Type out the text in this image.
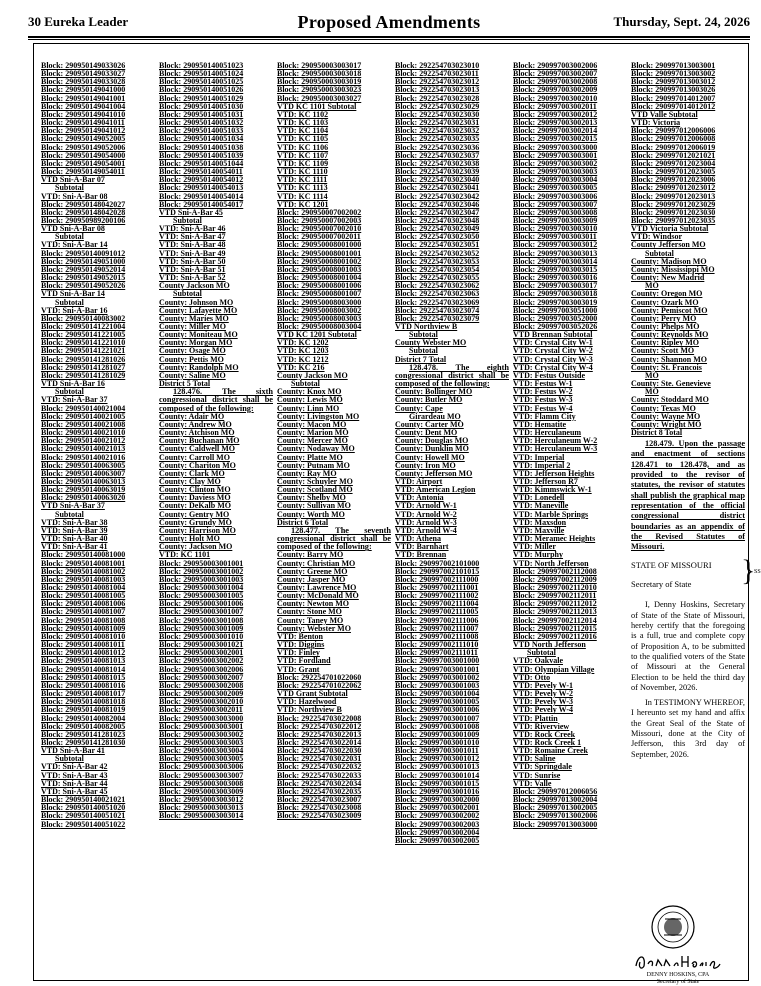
30 Eureka Leader	Proposed Amendments	Thursday, Sept. 24, 2026
Block: 290950149033026
Block: 290950149033027
Block: 290950149033028
Block: 290950149041000
Block: 290950149041001
Block: 290950149041004
Block: 290950149041010
Block: 290950149041011
Block: 290950149041012
Block: 290950149052005
Block: 290950149052006
Block: 290950149054000
Block: 290950149054001
Block: 290950149054011
VTD Sni-A-Bar 07
Subtotal
VTD: Sni-A-Bar 08
Block: 290950148042027
Block: 290950148042028
Block: 290950989200106
VTD Sni-A-Bar 08
Subtotal
VTD: Sni-A-Bar 14
Block: 290950140091012
Block: 290950149051000
Block: 290950149052014
Block: 290950149052015
Block: 290950149052026
VTD Sni-A-Bar 14
Subtotal
VTD: Sni-A-Bar 16
Block: 290950140083002
Block: 290950141221004
Block: 290950141221005
Block: 290950141221010
Block: 290950141221021
Block: 290950141281026
Block: 290950141281027
Block: 290950141281029
VTD Sni-A-Bar 16
Subtotal
VTD: Sni-A-Bar 37
Block: 290950140021004
Block: 290950140021005
Block: 290950140021008
Block: 290950140021010
Block: 290950140021012
Block: 290950140021013
Block: 290950140021016
Block: 290950140063005
Block: 290950140063007
Block: 290950140063013
Block: 290950140063019
Block: 290950140063020
VTD Sni-A-Bar 37
Subtotal
VTD: Sni-A-Bar 38
VTD: Sni-A-Bar 39
VTD: Sni-A-Bar 40
VTD: Sni-A-Bar 41
Block: 290950140081000
Block: 290950140081001
Block: 290950140081002
Block: 290950140081003
Block: 290950140081004
Block: 290950140081005
Block: 290950140081006
Block: 290950140081007
Block: 290950140081008
Block: 290950140081009
Block: 290950140081010
Block: 290950140081011
Block: 290950140081012
Block: 290950140081013
Block: 290950140081014
Block: 290950140081015
Block: 290950140081016
Block: 290950140081017
Block: 290950140081018
Block: 290950140081019
Block: 290950140082004
Block: 290950140082005
Block: 290950141281023
Block: 290950141281030
VTD Sni-A-Bar 41
Subtotal
VTD: Sni-A-Bar 42
VTD: Sni-A-Bar 43
VTD: Sni-A-Bar 44
VTD: Sni-A-Bar 45
Block: 290950140021021
Block: 290950140051020
Block: 290950140051021
Block: 290950140051022
Block: 290950140051023
Block: 290950140051024
Block: 290950140051025
Block: 290950140051026
Block: 290950140051029
Block: 290950140051030
Block: 290950140051031
Block: 290950140051032
Block: 290950140051033
Block: 290950140051034
Block: 290950140051038
Block: 290950140051039
Block: 290950140051044
Block: 290950140054011
Block: 290950140054012
Block: 290950140054013
Block: 290950140054014
Block: 290950140054017
VTD Sni-A-Bar 45
Subtotal
VTD: Sni-A-Bar 46
VTD: Sni-A-Bar 47
VTD: Sni-A-Bar 48
VTD: Sni-A-Bar 49
VTD: Sni-A-Bar 50
VTD: Sni-A-Bar 51
VTD: Sni-A-Bar 52
County Jackson MO
Subtotal
County: Johnson MO
County: Lafayette MO
County: Maries MO
County: Miller MO
County: Moniteau MO
County: Morgan MO
County: Osage MO
County: Pettis MO
County: Randolph MO
County: Saline MO
District 5 Total
128.476. The sixth congressional district shall be composed of the following:
County: Adair MO
County: Andrew MO
County: Atchison MO
County: Buchanan MO
County: Caldwell MO
County: Carroll MO
County: Chariton MO
County: Clark MO
County: Clay MO
County: Clinton MO
County: Daviess MO
County: DeKalb MO
County: Gentry MO
County: Grundy MO
County: Harrison MO
County: Holt MO
County: Jackson MO
VTD: KC 1101
Block: 290950003001001
Block: 290950003001002
Block: 290950003001003
Block: 290950003001004
Block: 290950003001005
Block: 290950003001006
Block: 290950003001007
Block: 290950003001008
Block: 290950003001009
Block: 290950003001010
Block: 290950003001021
Block: 290950003002001
Block: 290950003002002
Block: 290950003002006
Block: 290950003002007
Block: 290950003002008
Block: 290950003002009
Block: 290950003002010
Block: 290950003002011
Block: 290950003003000
Block: 290950003003001
Block: 290950003003002
Block: 290950003003003
Block: 290950003003004
Block: 290950003003005
Block: 290950003003006
Block: 290950003003007
Block: 290950003003008
Block: 290950003003009
Block: 290950003003012
Block: 290950003003013
Block: 290950003003014
Block: 290950003003017
Block: 290950003003018
Block: 290950003003019
Block: 290950003003023
Block: 290950003003027
VTD KC 1101 Subtotal
VTD: KC 1102
VTD: KC 1103
VTD: KC 1104
VTD: KC 1105
VTD: KC 1106
VTD: KC 1107
VTD: KC 1109
VTD: KC 1110
VTD: KC 1111
VTD: KC 1113
VTD: KC 1114
VTD: KC 1201
Block: 290950007002002
Block: 290950007002003
Block: 290950007002010
Block: 290950007002011
Block: 290950008001000
Block: 290950008001001
Block: 290950008001002
Block: 290950008001003
Block: 290950008001004
Block: 290950008001006
Block: 290950008001007
Block: 290950008003000
Block: 290950008003002
Block: 290950008003003
Block: 290950008003004
VTD KC 1201 Subtotal
VTD: KC 1202
VTD: KC 1203
VTD: KC 1212
VTD: KC 216
County Jackson MO
Subtotal
County: Knox MO
County: Lewis MO
County: Linn MO
County: Livingston MO
County: Macon MO
County: Marion MO
County: Mercer MO
County: Nodaway MO
County: Platte MO
County: Putnam MO
County: Ray MO
County: Schuyler MO
County: Scotland MO
County: Shelby MO
County: Sullivan MO
County: Worth MO
District 6 Total
128.477. The seventh congressional district shall be composed of the following:
County: Barry MO
County: Christian MO
County: Greene MO
County: Jasper MO
County: Lawrence MO
County: McDonald MO
County: Newton MO
County: Stone MO
County: Taney MO
County: Webster MO
VTD: Benton
VTD: Diggins
VTD: Finley
VTD: Fordland
VTD: Grant
Block: 292254701022060
Block: 292254701022062
VTD Grant Subtotal
VTD: Hazelwood
VTD: Northview B
Block: 292254703022008
Block: 292254703022012
Block: 292254703022013
Block: 292254703022014
Block: 292254703022030
Block: 292254703022031
Block: 292254703022032
Block: 292254703022033
Block: 292254703022034
Block: 292254703022035
Block: 292254703023007
Block: 292254703023008
Block: 292254703023009
Block: 292254703023010
Block: 292254703023011
Block: 292254703023012
Block: 292254703023013
Block: 292254703023028
Block: 292254703023029
Block: 292254703023030
Block: 292254703023031
Block: 292254703023032
Block: 292254703023035
Block: 292254703023036
Block: 292254703023037
Block: 292254703023038
Block: 292254703023039
Block: 292254703023040
Block: 292254703023041
Block: 292254703023042
Block: 292254703023046
Block: 292254703023047
Block: 292254703023048
Block: 292254703023049
Block: 292254703023050
Block: 292254703023051
Block: 292254703023052
Block: 292254703023053
Block: 292254703023054
Block: 292254703023055
Block: 292254703023062
Block: 292254703023063
Block: 292254703023069
Block: 292254703023074
Block: 292254703023079
VTD Northview B
Subtotal
County Webster MO
Subtotal
District 7 Total
128.478. The eighth congressional district shall be composed of the following:
County: Bollinger MO
County: Butler MO
County: Cape
Girardeau MO
County: Carter MO
County: Dent MO
County: Douglas MO
County: Dunklin MO
County: Howell MO
County: Iron MO
County: Jefferson MO
VTD: Airport
VTD: American Legion
VTD: Antonia
VTD: Arnold W-1
VTD: Arnold W-2
VTD: Arnold W-3
VTD: Arnold W-4
VTD: Athena
VTD: Barnhart
VTD: Brennan
Block: 290997002101000
Block: 290997002101015
Block: 290997002111000
Block: 290997002111001
Block: 290997002111002
Block: 290997002111004
Block: 290997002111005
Block: 290997002111006
Block: 290997002111007
Block: 290997002111008
Block: 290997002111010
Block: 290997002111011
Block: 290997003001000
Block: 290997003001001
Block: 290997003001002
Block: 290997003001003
Block: 290997003001004
Block: 290997003001005
Block: 290997003001006
Block: 290997003001007
Block: 290997003001008
Block: 290997003001009
Block: 290997003001010
Block: 290997003001011
Block: 290997003001012
Block: 290997003001013
Block: 290997003001014
Block: 290997003001015
Block: 290997003001016
Block: 290997003002000
Block: 290997003002001
Block: 290997003002002
Block: 290997003002003
Block: 290997003002004
Block: 290997003002005
Block: 290997003002006
Block: 290997003002007
Block: 290997003002008
Block: 290997003002009
Block: 290997003002010
Block: 290997003002011
Block: 290997003002012
Block: 290997003002013
Block: 290997003002014
Block: 290997003002015
Block: 290997003003000
Block: 290997003003001
Block: 290997003003002
Block: 290997003003003
Block: 290997003003004
Block: 290997003003005
Block: 290997003003006
Block: 290997003003007
Block: 290997003003008
Block: 290997003003009
Block: 290997003003010
Block: 290997003003011
Block: 290997003003012
Block: 290997003003013
Block: 290997003003014
Block: 290997003003015
Block: 290997003003016
Block: 290997003003017
Block: 290997003003018
Block: 290997003003019
Block: 290997003051000
Block: 290997003052000
Block: 290997003052026
VTD Brennan Subtotal
VTD: Crystal City W-1
VTD: Crystal City W-2
VTD: Crystal City W-3
VTD: Crystal City W-4
VTD: Festus Outside
VTD: Festus W-1
VTD: Festus W-2
VTD: Festus W-3
VTD: Festus W-4
VTD: Flamm City
VTD: Hematite
VTD: Herculaneum
VTD: Herculaneum W-2
VTD: Herculaneum W-3
VTD: Imperial
VTD: Imperial 2
VTD: Jefferson Heights
VTD: Jefferson R7
VTD: Kimmswick W-1
VTD: Lonedell
VTD: Maneville
VTD: Marble Springs
VTD: Maxsdon
VTD: Maxville
VTD: Meramec Heights
VTD: Miller
VTD: Murphy
VTD: North Jefferson
Block: 290997002112008
Block: 290997002112009
Block: 290997002112010
Block: 290997002112011
Block: 290997002112012
Block: 290997002112013
Block: 290997002112014
Block: 290997002112015
Block: 290997002112016
VTD North Jefferson
Subtotal
VTD: Oakvale
VTD: Olympian Village
VTD: Otto
VTD: Pevely W-1
VTD: Pevely W-2
VTD: Pevely W-3
VTD: Pevely W-4
VTD: Plattin
VTD: Riverview
VTD: Rock Creek
VTD: Rock Creek 1
VTD: Romaine Creek
VTD: Saline
VTD: Springdale
VTD: Sunrise
VTD: Valle
Block: 290997012006056
Block: 290997013002004
Block: 290997013002005
Block: 290997013002006
Block: 290997013003000
Block: 290997013003001
Block: 290997013003002
Block: 290997013003012
Block: 290997013003026
Block: 290997014012007
Block: 290997014012012
VTD Valle Subtotal
VTD: Victoria
Block: 290997012006006
Block: 290997012006008
Block: 290997012006019
Block: 290997012021021
Block: 290997012023004
Block: 290997012023005
Block: 290997012023006
Block: 290997012023012
Block: 290997012023013
Block: 290997012023029
Block: 290997012023030
Block: 290997012023035
VTD Victoria Subtotal
VTD: Windsor
County Jefferson MO
Subtotal
County: Madison MO
County: Mississippi MO
County: New Madrid
MO
County: Oregon MO
County: Ozark MO
County: Pemiscot MO
County: Perry MO
County: Phelps MO
County: Reynolds MO
County: Ripley MO
County: Scott MO
County: Shannon MO
County: St. Francois
MO
County: Ste. Genevieve
MO
County: Stoddard MO
County: Texas MO
County: Wayne MO
County: Wright MO
District 8 Total

128.479. Upon the passage and enactment of sections 128.471 to 128.478, and as provided to the revisor of statutes, the revisor of statutes shall publish the graphical map representation of the official congressional district boundaries as an appendix of the Revised Statutes of Missouri.

STATE OF MISSOURI
Secretary of State

I, Denny Hoskins, Secretary of State of the State of Missouri, hereby certify that the foregoing is a full, true and complete copy of Proposition A, to be submitted to the qualified voters of the State of Missouri at the General Election to be held the third day of November, 2026.

In TESTIMONY WHEREOF, I hereunto set my hand and affix the Great Seal of the State of Missouri, done at the City of Jefferson, this 3rd day of September, 2026.

DENNY HOSKINS, CPA
Secretary of State
}
SS
